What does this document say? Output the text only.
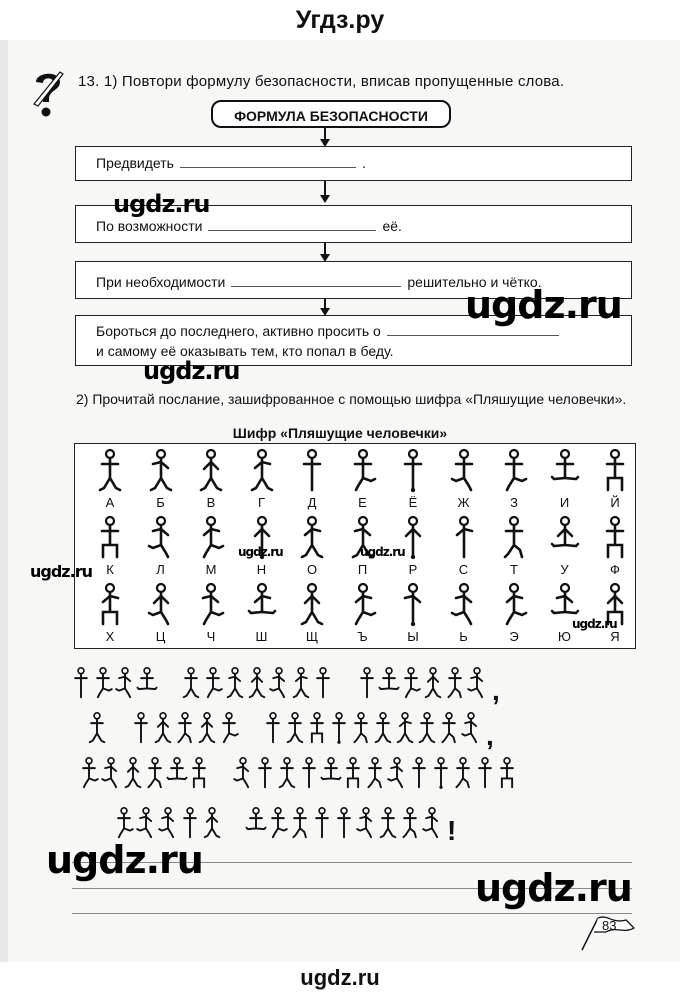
Угдз.ру
13. 1) Повтори формулу безопасности, вписав пропущенные слова.
ФОРМУЛА БЕЗОПАСНОСТИ
Предвидеть	.
По возможности	её.
При необходимости	решительно и чётко.
Бороться до последнего, активно просить о
и самому её оказывать тем, кто попал в беду.
2) Прочитай послание, зашифрованное с помощью шифра «Пляшущие человечки».
Шифр «Пляшущие человечки»
А	Б	В	Г	Д	Е	Ё	Ж	З	И	Й
К	Л	М	Н	О	П	Р	С	Т	У	Ф
Х	Ц	Ч	Ш	Щ	Ъ	Ы	Ь	Э	Ю	Я
,
,
!
83
ugdz.ru
ugdz.ru
ugdz.ru
ugdz.ru
ugdz.ru	ugdz.ru
ugdz.ru
ugdz.ru
ugdz.ru
ugdz.ru
